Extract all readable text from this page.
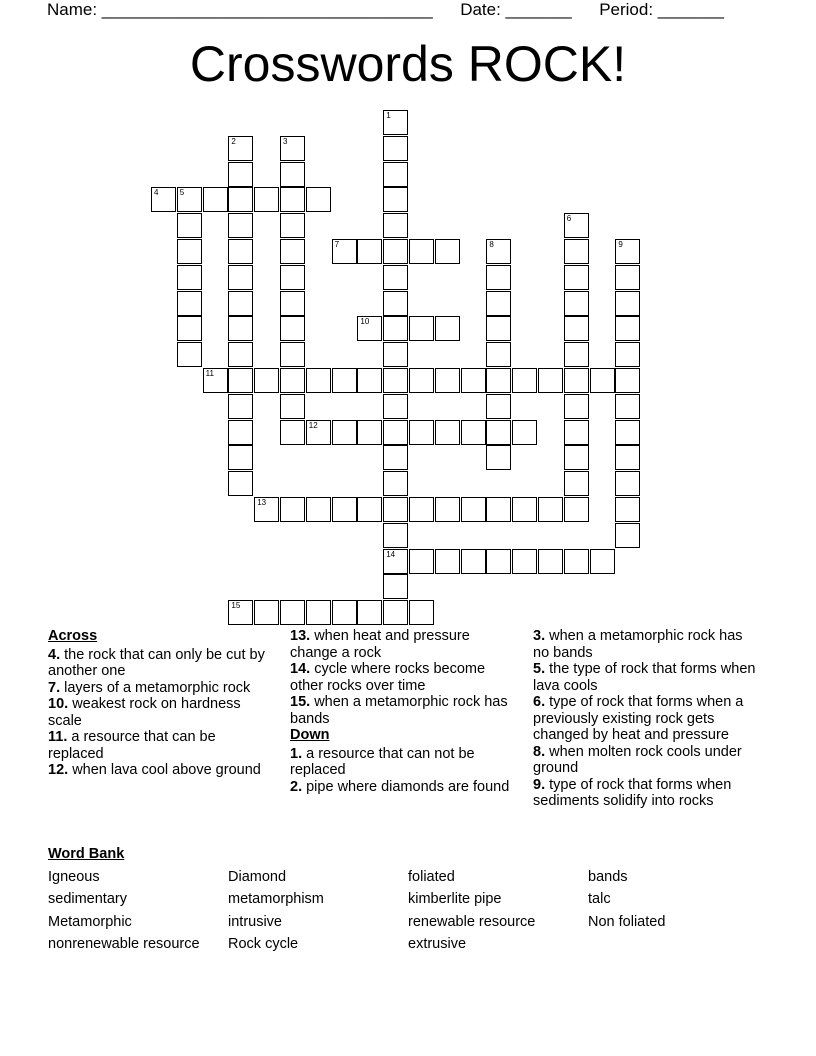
Name: ___________________________________ Date: _______ Period: _______
Crosswords ROCK!
1
14
2	3
4	5
6
7	8	9
10
11
12
13
15
Across
4. the rock that can only be cut by another one
7. layers of a metamorphic rock
10. weakest rock on hardness scale
11. a resource that can be replaced
12. when lava cool above ground
13. when heat and pressure change a rock
14. cycle where rocks become other rocks over time
15. when a metamorphic rock has bands
Down
1. a resource that can not be replaced
2. pipe where diamonds are found
3. when a metamorphic rock has no bands
5. the type of rock that forms when lava cools
6. type of rock that forms when a previously existing rock gets changed by heat and pressure
8. when molten rock cools under ground
9. type of rock that forms when sediments solidify into rocks
Word Bank
Igneous
sedimentary
Metamorphic
nonrenewable resource
Diamond
metamorphism
intrusive
Rock cycle
foliated
kimberlite pipe
renewable resource
extrusive
bands
talc
Non foliated
